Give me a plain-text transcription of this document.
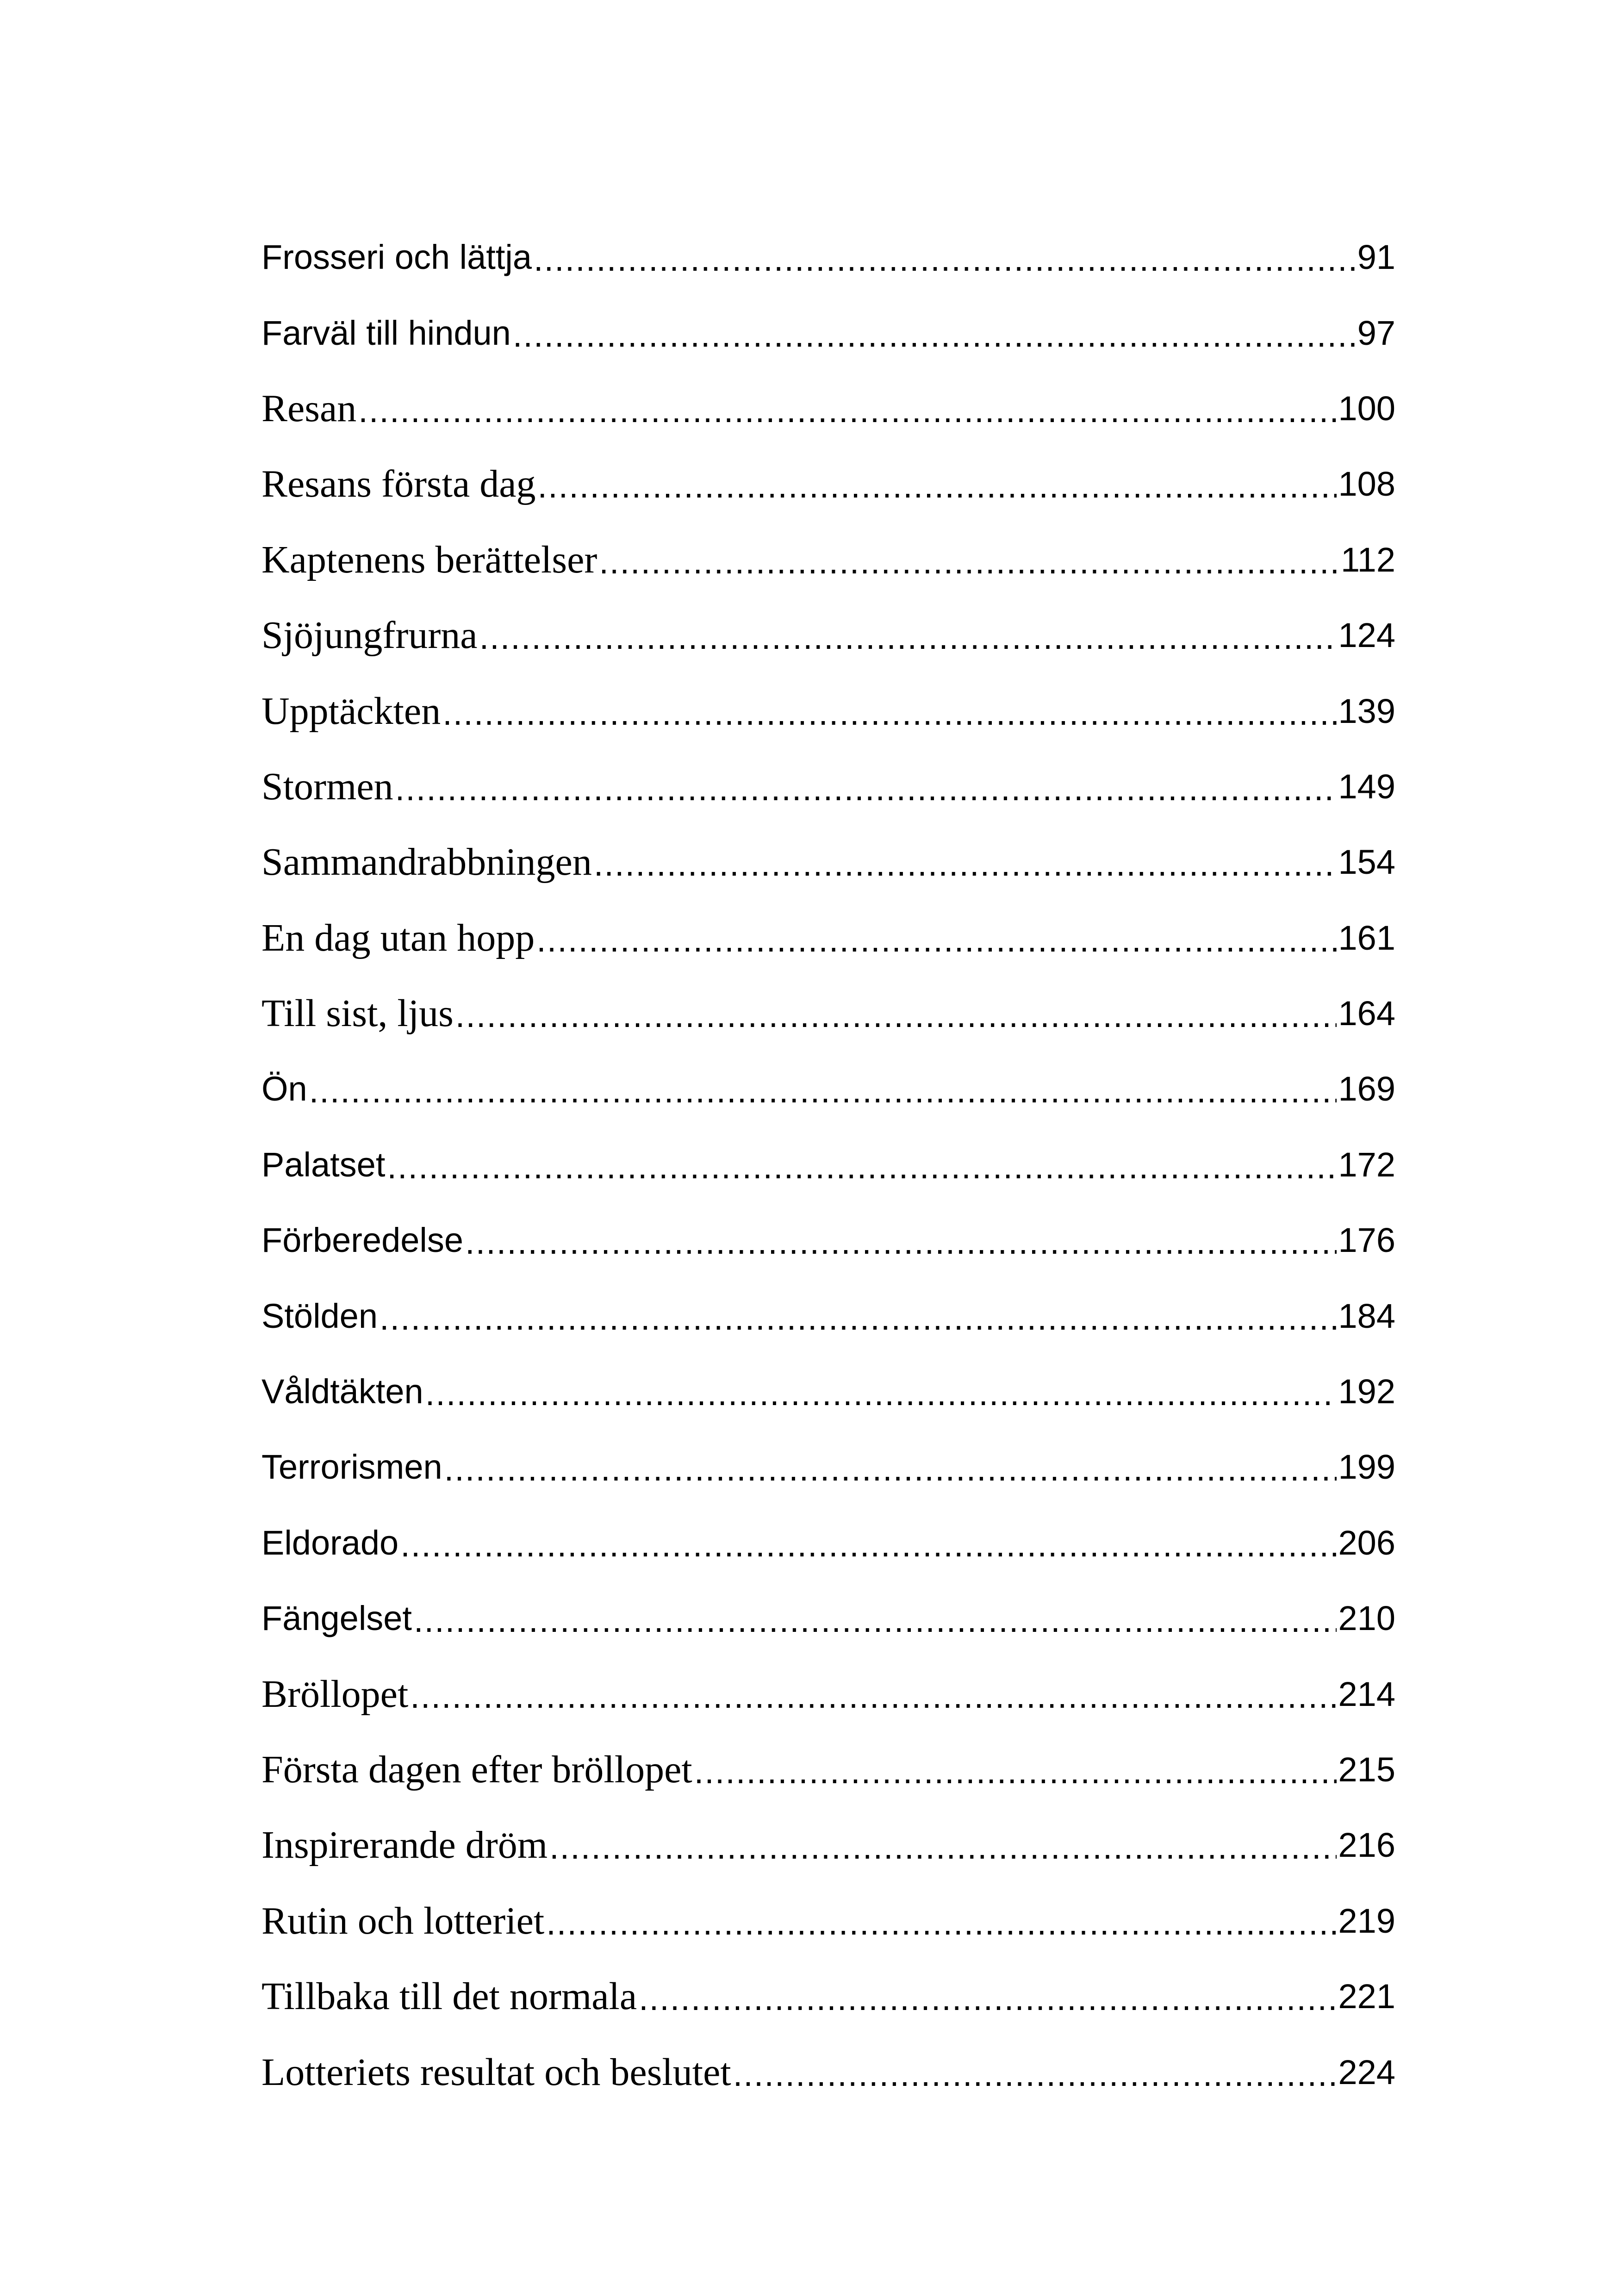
Frosseri och lättja .....	91
Farväl till hindun .....	97
Resan .....	100
Resans första dag .....	108
Kaptenens berättelser .....	112
Sjöjungfrurna .....	124
Upptäckten .....	139
Stormen .....	149
Sammandrabbningen .....	154
En dag utan hopp .....	161
Till sist, ljus .....	164
Ön .....	169
Palatset .....	172
Förberedelse .....	176
Stölden .....	184
Våldtäkten .....	192
Terrorismen .....	199
Eldorado .....	206
Fängelset .....	210
Bröllopet .....	214
Första dagen efter bröllopet .....	215
Inspirerande dröm .....	216
Rutin och lotteriet .....	219
Tillbaka till det normala .....	221
Lotteriets resultat och beslutet .....	224
